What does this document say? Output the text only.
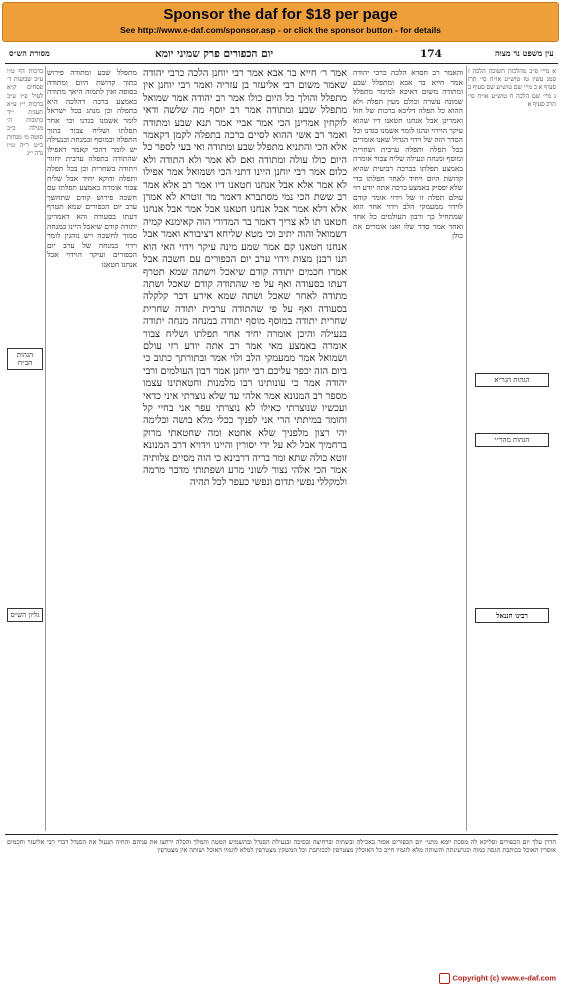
Sponsor the daf for $18 per page
See http://www.e-daf.com/sponsor.asp - or click the sponsor button - for details
מסורת הש״ס	יום הכפורים פרק שמיני יומא	174	עין משפט נר מצוה
ברכות דף ט״ו ע״ב שבועות ד׳ פסחים ק״א לעיל פ״ז ע״ב ברכות י״ז ע״א תענית י״ד כתובות ה׳ מגילה כ״ב סוטה מ׳ מנחות כ״ט ר״ה ט״ז נדה י״ג
הגהות הב״ח
גליון הש״ס
מתפלל שבע ומתודה פירוש בתוך קדושת היום ומתודה בסופה ואין לתמוה היאך מתודה באמצע ברכה דהלכה היא בתפלה וכן מנהג בכל ישראל לומר אשמנו בגדנו וכו׳ אחר תפלתו ושליח צבור בתוך התפלה ובמוסף ובמנחה ובנעילה יש לומר דהכי קאמר דאפילו שהתודה בתפלה ערבית יחזור ויתודה בשחרית וכן בכל תפלה ותפלה ודוקא יחיד אבל שליח צבור אומרה באמצע תפלתו עם חשכה פירוש קודם שתחשך ערב יום הכפורים שמא תטרף דעתו בסעודה והא דאמרינן יתודה קודם שיאכל היינו במנחה סמוך לחשכה ויש נוהגין לומר וידוי במנחה של ערב יום הכפורים ועיקר הוידוי אבל אנחנו חטאנו
אמר ר׳ חייא בר אבא אמר רבי יוחנן הלכה כרבי יהודה שאמר משום רבי אליעזר בן עזריה ואמר רבי יוחנן אין מתפלל והולך כל היום כולו אמר רב יהודה אמר שמואל מתפלל שבע ומתודה אמר רב יוסף מה שלשה ודאי לוקחין אמרינן הכי אמר אביי אמר תנא שבע ומתודה ואמר רב אשי ההוא לסיים ברכה בתפלה לקמן דקאמר אלא הכי והתניא מתפלל שבע ומתודה ואי בעי לספר כל היום כולו עולה ומתודה ואם לא אמר ולא התודה ולא כלום אמר רבי יוחנן היינו דתני הכי ושמואל אמר אפילו לא אמר אלא אבל אנחנו חטאנו דיו אמר רב אלא אמר רב ששת הכי נמי מסתברא דאמר מר זוטרא לא אמרן אלא דלא אמר אבל אנחנו חטאנו אבל אמר אבל אנחנו חטאנו תו לא צריך דאמר בר המדורי הוה קאימנא קמיה דשמואל והוה יתיב וכי מטא שליחא דציבורא ואמר אבל אנחנו חטאנו קם אמר שמע מינה עיקר וידוי האי הוא תנו רבנן מצות וידוי ערב יום הכפורים עם חשכה אבל אמרו חכמים יתודה קודם שיאכל וישתה שמא תטרף דעתו בסעודה ואף על פי שהתודה קודם שאכל ושתה מתודה לאחר שאכל ושתה שמא אירע דבר קלקלה בסעודה ואף על פי שהתודה ערבית יתודה שחרית שחרית יתודה במוסף מוסף יתודה במנחה מנחה יתודה בנעילה והיכן אומרה יחיד אחר תפלתו ושליח צבור אומרה באמצע מאי אמר רב אתה יודע רזי עולם ושמואל אמר ממעמקי הלב ולוי אמר ובתורתך כתוב כי ביום הזה יכפר עליכם רבי יוחנן אמר רבון העולמים ורבי יהודה אמר כי עונותינו רבו מלמנות וחטאתינו עצמו מספר רב המנונא אמר אלהי עד שלא נוצרתי איני כדאי ועכשיו שנוצרתי כאילו לא נוצרתי עפר אני בחיי קל וחומר במיתתי הרי אני לפניך ככלי מלא בושה וכלימה יהי רצון מלפניך שלא אחטא ומה שחטאתי מרוק ברחמיך אבל לא על ידי יסורין והיינו וידויא דרב המנונא זוטא כולה שתא ומר בריה דרבינא כי הוה מסיים צלותיה אמר הכי אלהי נצור לשוני מרע ושפתותי מדבר מרמה ולמקללי נפשי תדום ונפשי כעפר לכל תהיה
והאמר רב חסדא הלכה כרבי יהודה אמר חייא בר אבא ומתפלל שבע ומתודה משום דאיכא למימר מתפלל שמונה עשרה וכולם מעין תפלה ולא ההוא כל תפלה דליכא ברכות של חול ואמרינן אבל אנחנו חטאנו דיו שהוא עיקר הוידוי ונהגו לומר אשמנו בגדנו וכל הסדר הזה של וידוי הגדול שאנו אומרים בכל תפלה ותפלה ערבית ושחרית ומוסף ומנחה ונעילה שליח צבור אומרה באמצע תפלתו בברכה רביעית שהיא קדושת היום ויחיד לאחר תפלתו כדי שלא יפסיק באמצע ברכה אתה יודע רזי עולם תפלה זו של וידוי אומר קודם לוידוי ממעמקי הלב וידוי אחר הוא שמתחיל כך ורבון העולמים כל אחד ואחד אמר סדר שלו ואנו אומרים את כולן
א מיי׳ פ״ב מהלכות תשובה הלכה ז סמג עשין טז טוש״ע או״ח סי׳ תרז סעיף א ב מיי׳ שם טוש״ע שם סעיף ב ג מיי׳ שם הלכה ח טוש״ע או״ח סי׳ תרכ סעיף א
הגהות הגר״א
הגהות מהר״י
רבינו חננאל
הדרן עלך יום הכפורים וסליקא לה מסכת יומא מתני׳ יום הכפורים אסור באכילה ובשתיה וברחיצה ובסיכה ובנעילת הסנדל ובתשמיש המטה והמלך והכלה ירחצו את פניהם והחיה תנעול את הסנדל דברי רבי אליעזר וחכמים אוסרין האוכל ככותבת הגסה כמוה וכגרעינתה והשותה מלא לוגמיו חייב כל האוכלין מצטרפין לככותבת וכל המשקין מצטרפין למלא לוגמיו האוכל ושותה אין מצטרפין
Copyright (c) www.e-daf.com
